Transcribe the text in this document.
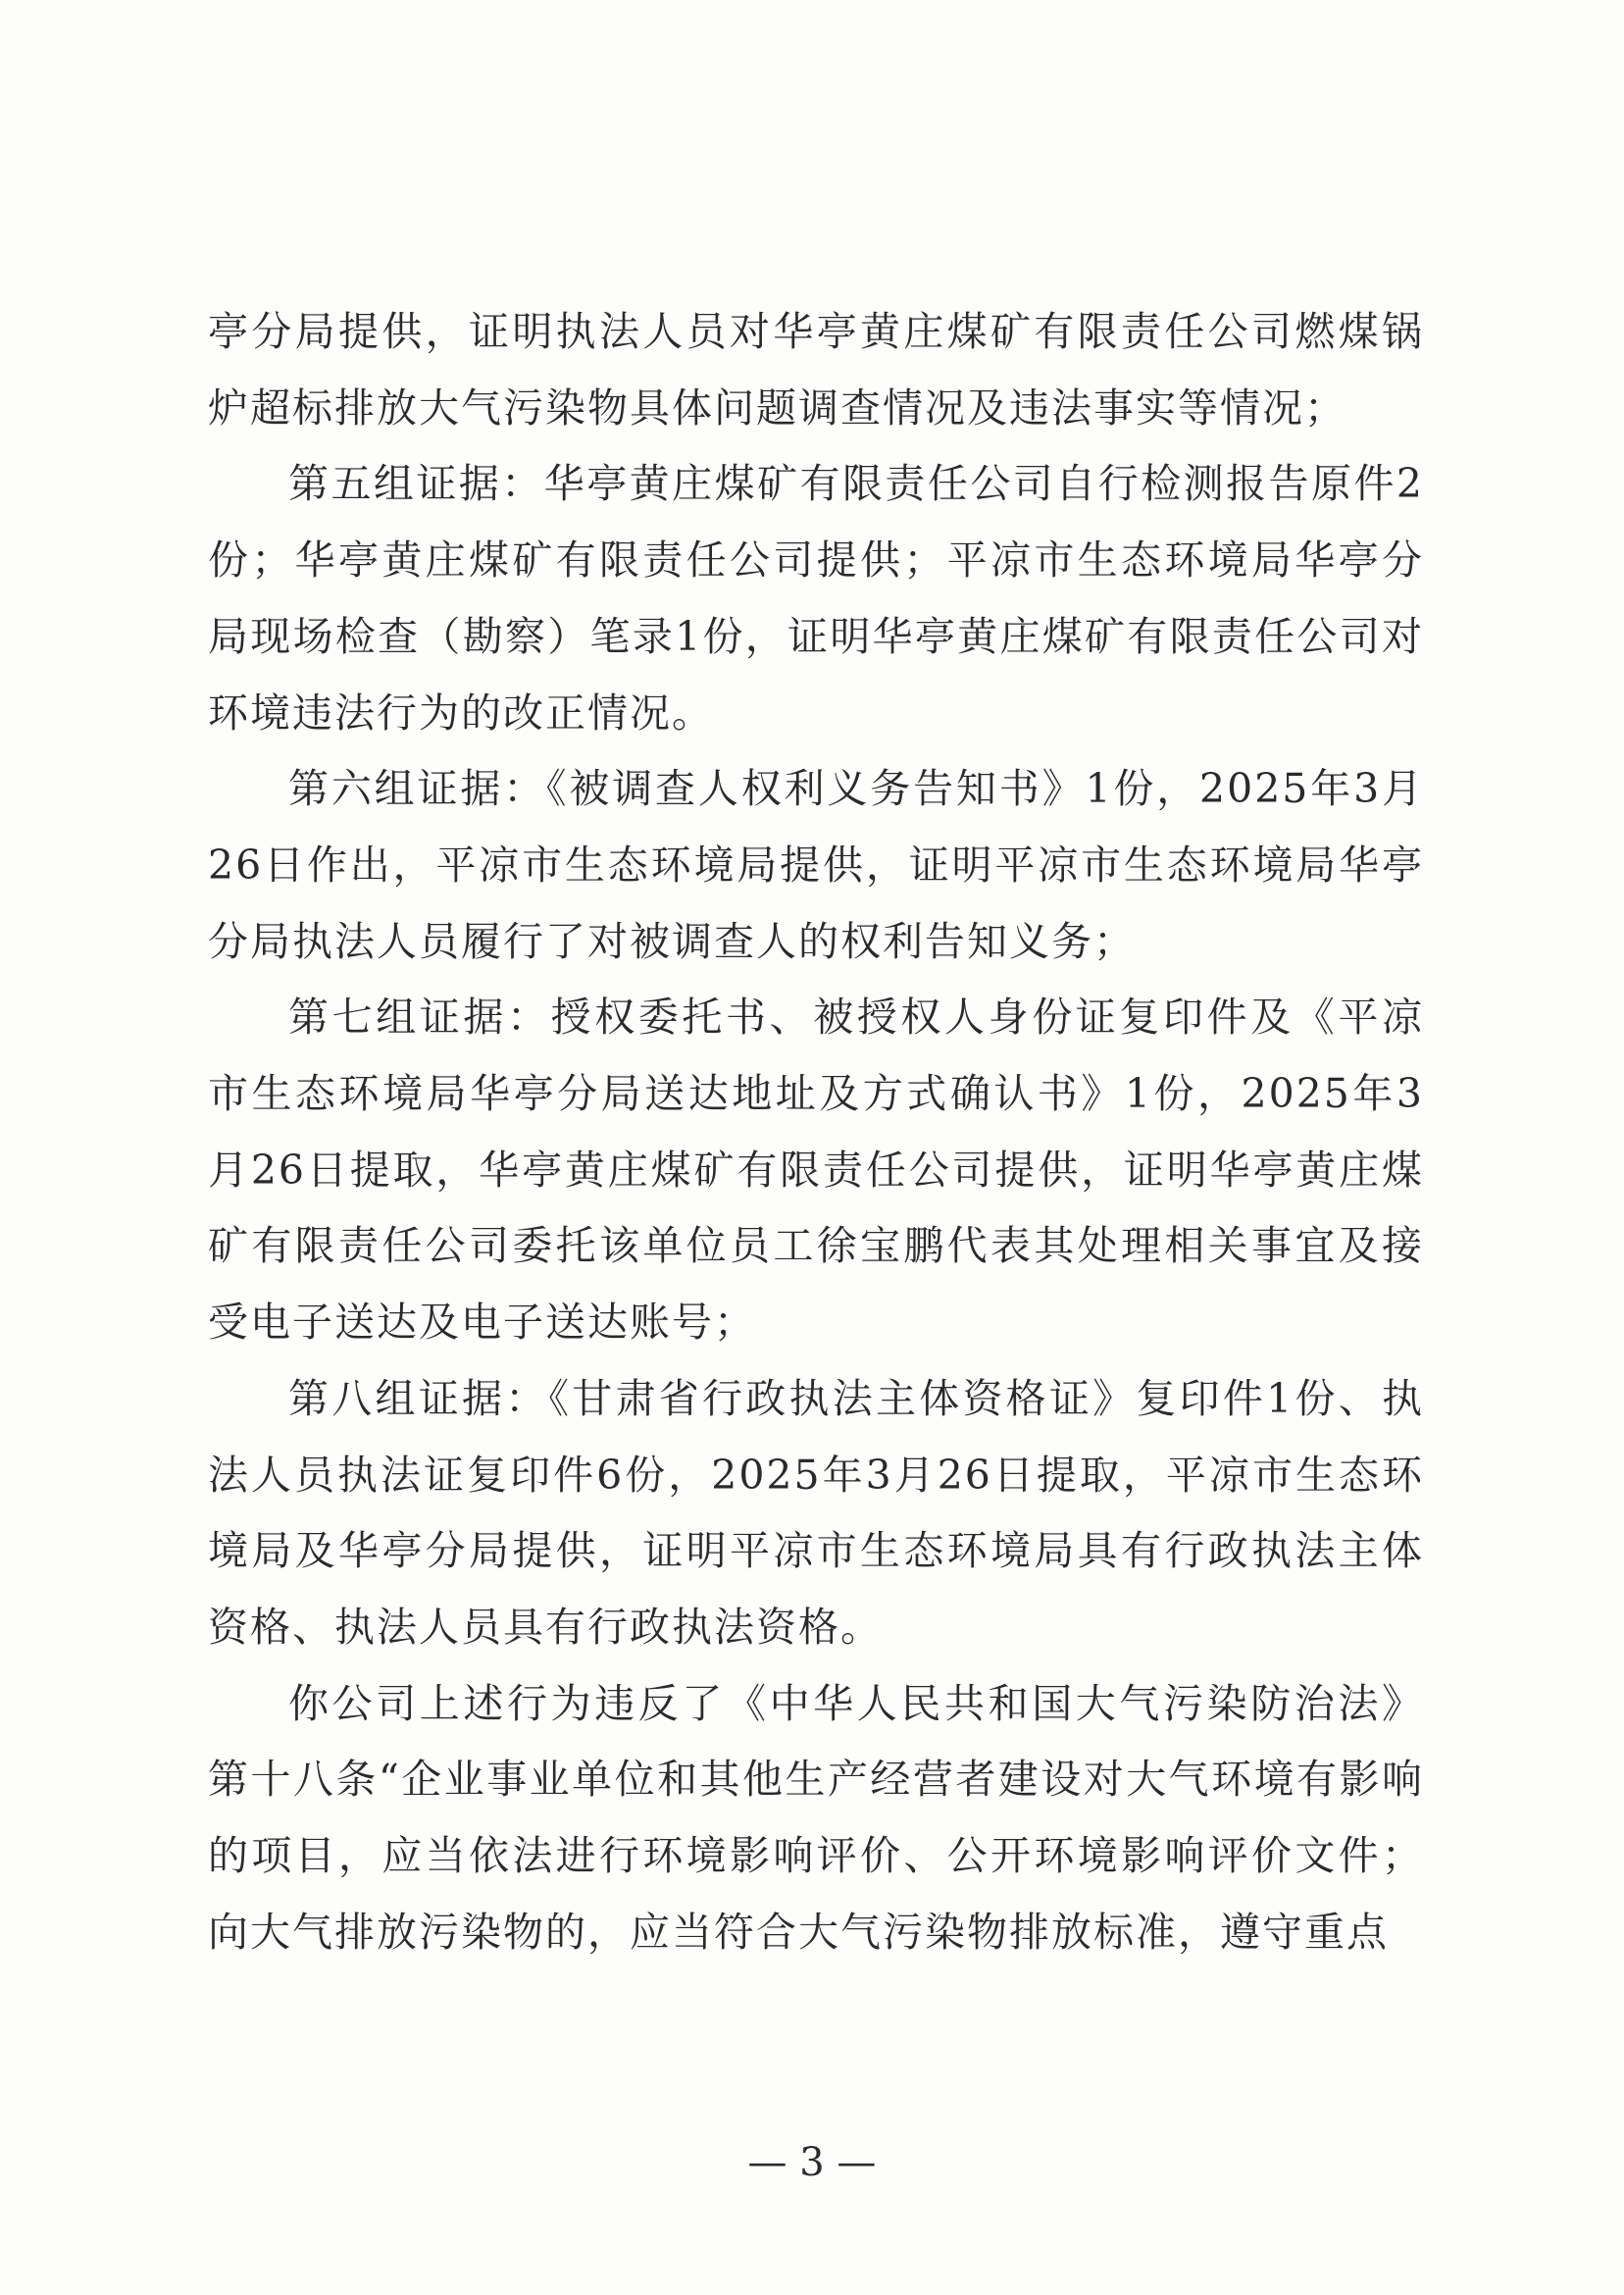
亭分局提供，证明执法人员对华亭黄庄煤矿有限责任公司燃煤锅炉超标排放大气污染物具体问题调查情况及违法事实等情况；

第五组证据：华亭黄庄煤矿有限责任公司自行检测报告原件2份；华亭黄庄煤矿有限责任公司提供；平凉市生态环境局华亭分局现场检查（勘察）笔录1份，证明华亭黄庄煤矿有限责任公司对环境违法行为的改正情况。

第六组证据：《被调查人权利义务告知书》1份，2025年3月26日作出，平凉市生态环境局提供，证明平凉市生态环境局华亭分局执法人员履行了对被调查人的权利告知义务；

第七组证据：授权委托书、被授权人身份证复印件及《平凉市生态环境局华亭分局送达地址及方式确认书》1份，2025年3月26日提取，华亭黄庄煤矿有限责任公司提供，证明华亭黄庄煤矿有限责任公司委托该单位员工徐宝鹏代表其处理相关事宜及接受电子送达及电子送达账号；

第八组证据：《甘肃省行政执法主体资格证》复印件1份、执法人员执法证复印件6份，2025年3月26日提取，平凉市生态环境局及华亭分局提供，证明平凉市生态环境局具有行政执法主体资格、执法人员具有行政执法资格。

你公司上述行为违反了《中华人民共和国大气污染防治法》第十八条“企业事业单位和其他生产经营者建设对大气环境有影响的项目，应当依法进行环境影响评价、公开环境影响评价文件；向大气排放污染物的，应当符合大气污染物排放标准，遵守重点

— 3 —
